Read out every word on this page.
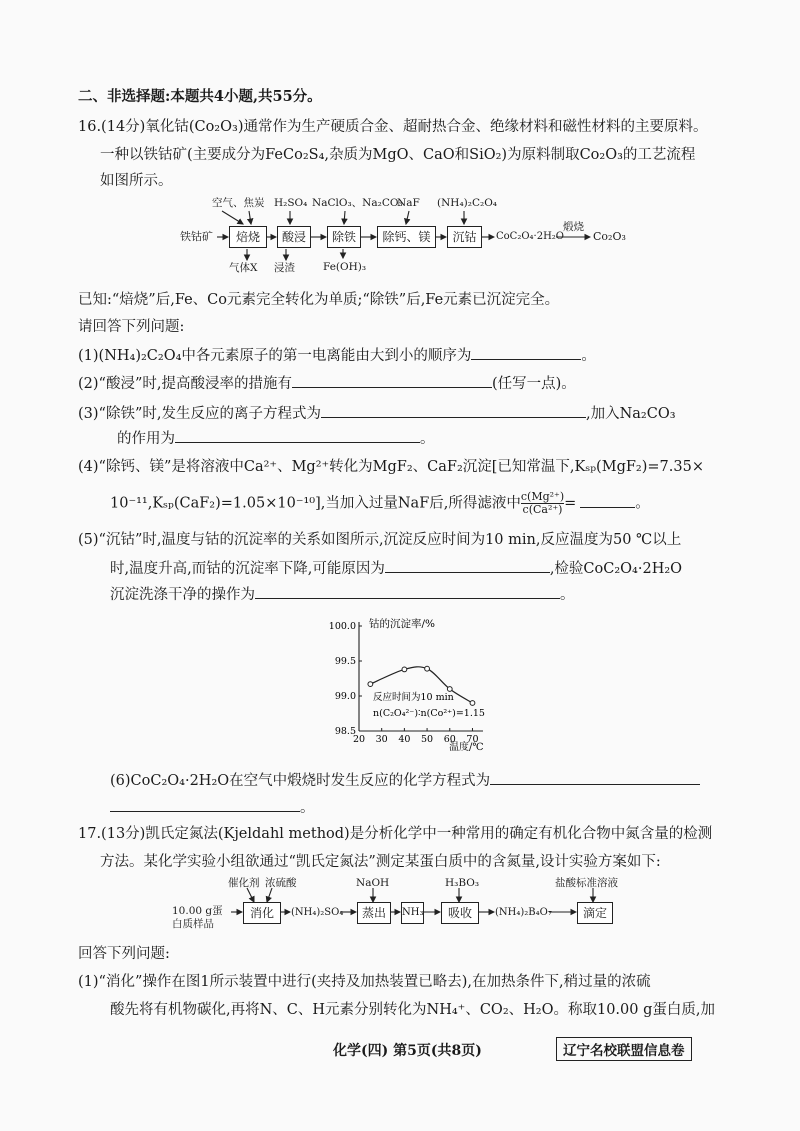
二、非选择题:本题共4小题,共55分。
16.(14分)氧化钴(Co₂O₃)通常作为生产硬质合金、超耐热合金、绝缘材料和磁性材料的主要原料。
一种以铁钴矿(主要成分为FeCo₂S₄,杂质为MgO、CaO和SiO₂)为原料制取Co₂O₃的工艺流程
如图所示。
空气、焦炭 H₂SO₄ NaClO₃、Na₂CO₃
NaF (NH₄)₂C₂O₄
铁钴矿	焙烧	酸浸	除铁	除钙、镁	沉钴	CoC₂O₄·2H₂O
煅烧
Co₂O₃
气体X 浸渣	Fe(OH)₃
已知:“焙烧”后,Fe、Co元素完全转化为单质;“除铁”后,Fe元素已沉淀完全。
请回答下列问题:
(1)(NH₄)₂C₂O₄中各元素原子的第一电离能由大到小的顺序为	。
(2)“酸浸”时,提高酸浸率的措施有	(任写一点)。
(3)“除铁”时,发生反应的离子方程式为	,加入Na₂CO₃
的作用为	。
(4)“除钙、镁”是将溶液中Ca²⁺、Mg²⁺转化为MgF₂、CaF₂沉淀[已知常温下,Kₛₚ(MgF₂)=7.35×
10⁻¹¹,Kₛₚ(CaF₂)=1.05×10⁻¹⁰],当加入过量NaF后,所得滤液中 $\frac{\text{c(Mg²⁺)}}{\text{c(Ca²⁺)}}$ =	。
(5)“沉钴”时,温度与钴的沉淀率的关系如图所示,沉淀反应时间为10 min,反应温度为50 ℃以上
时,温度升高,而钴的沉淀率下降,可能原因为	,检验CoC₂O₄·2H₂O
沉淀洗涤干净的操作为	。
20 30 40 50 60 70
98.5
99.0
99.5
100.0 钴的沉淀率/%
温度/℃
反应时间为10 min
n(C₂O₄²⁻)∶n(Co²⁺)=1.15
(6)CoC₂O₄·2H₂O在空气中煅烧时发生反应的化学方程式为
。
17.(13分)凯氏定氮法(Kjeldahl method)是分析化学中一种常用的确定有机化合物中氮含量的检测
方法。某化学实验小组欲通过“凯氏定氮法”测定某蛋白质中的含氮量,设计实验方案如下:
催化剂 浓硫酸	NaOH	H₃BO₃	盐酸标准溶液
10.00 g蛋
白质样品
消化	(NH₄)₂SO₄	蒸出	NH₃	吸收	(NH₄)₂B₄O₇	滴定
回答下列问题:
(1)“消化”操作在图1所示装置中进行(夹持及加热装置已略去),在加热条件下,稍过量的浓硫
酸先将有机物碳化,再将N、C、H元素分别转化为NH₄⁺、CO₂、H₂O。称取10.00 g蛋白质,加
化学(四) 第5页(共8页)	辽宁名校联盟信息卷
